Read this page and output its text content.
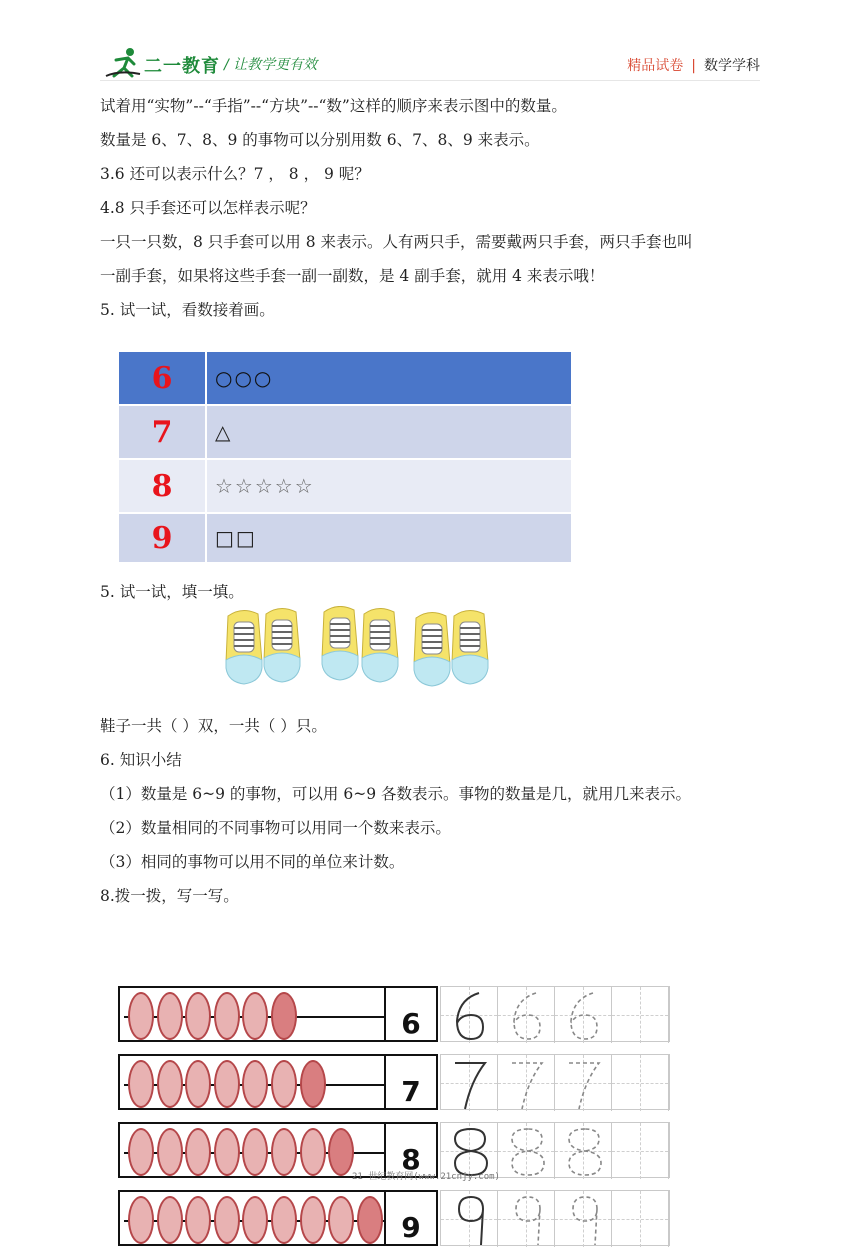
二一教育 / 让教学更有效	精品试卷 | 数学学科
试着用“实物”--“手指”--“方块”--“数”这样的顺序来表示图中的数量。
数量是 6、7、8、9 的事物可以分别用数 6、7、8、9 来表示。
3.6 还可以表示什么？7 ， 8 ， 9 呢？
4.8 只手套还可以怎样表示呢？
一只一只数，8 只手套可以用 8 来表示。人有两只手，需要戴两只手套，两只手套也叫
一副手套，如果将这些手套一副一副数，是 4 副手套，就用 4 来表示哦！
5. 试一试，看数接着画。
6	○○○
7	△
8	☆☆☆☆☆
9	□□
5. 试一试，填一填。
鞋子一共（ ）双，一共（ ）只。
6. 知识小结
（1）数量是 6~9 的事物，可以用 6~9 各数表示。事物的数量是几，就用几来表示。
（2）数量相同的不同事物可以用同一个数来表示。
（3）相同的事物可以用不同的单位来计数。
8.拨一拨，写一写。
6
7
8
9
21 世纪教育网(www.21cnjy.com)
